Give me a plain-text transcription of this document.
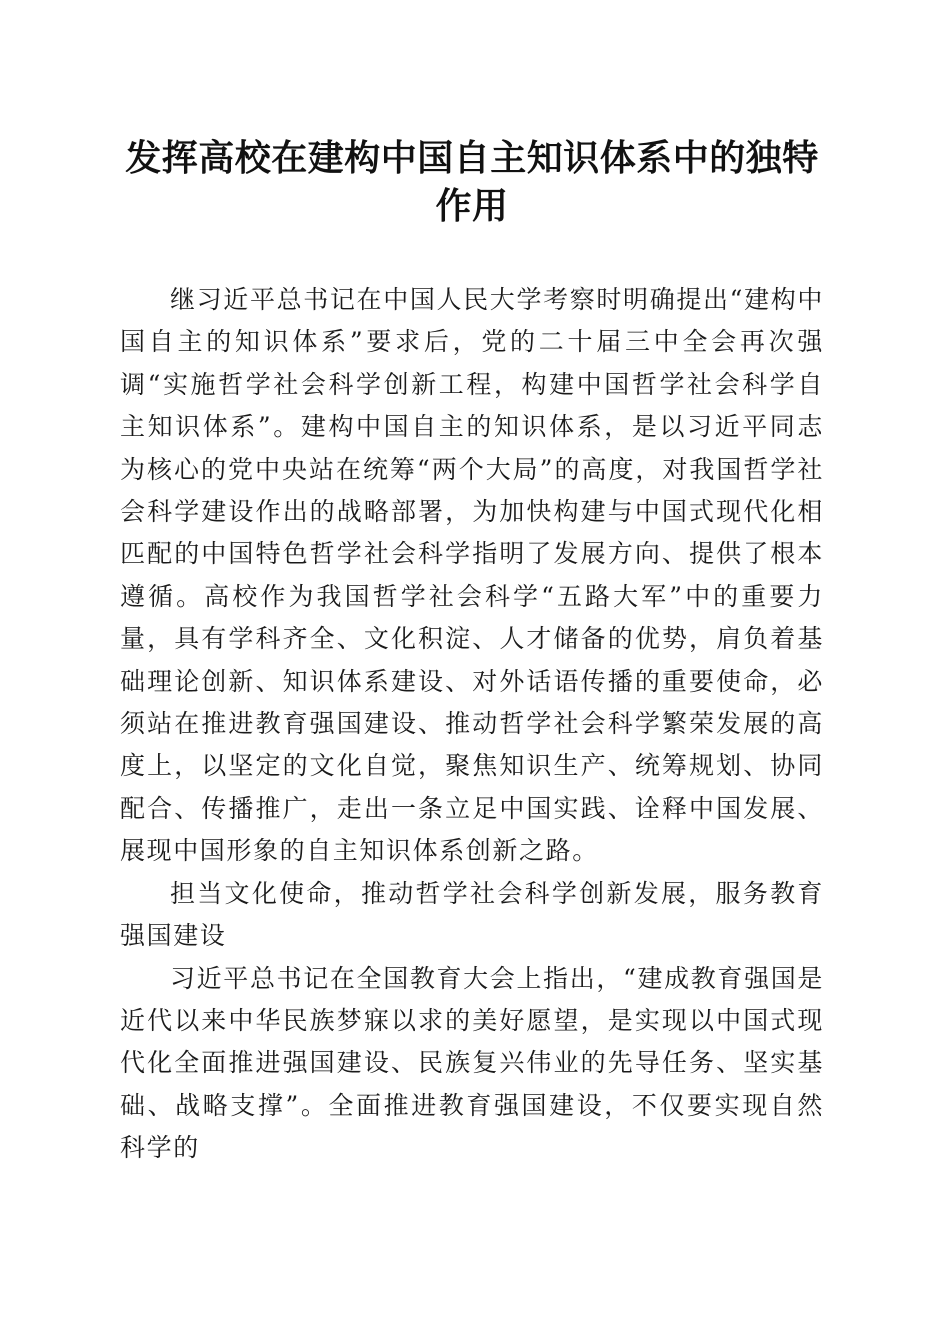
发挥高校在建构中国自主知识体系中的独特作用

继习近平总书记在中国人民大学考察时明确提出“建构中国自主的知识体系”要求后，党的二十届三中全会再次强调“实施哲学社会科学创新工程，构建中国哲学社会科学自主知识体系”。建构中国自主的知识体系，是以习近平同志为核心的党中央站在统筹“两个大局”的高度，对我国哲学社会科学建设作出的战略部署，为加快构建与中国式现代化相匹配的中国特色哲学社会科学指明了发展方向、提供了根本遵循。高校作为我国哲学社会科学“五路大军”中的重要力量，具有学科齐全、文化积淀、人才储备的优势，肩负着基础理论创新、知识体系建设、对外话语传播的重要使命，必须站在推进教育强国建设、推动哲学社会科学繁荣发展的高度上，以坚定的文化自觉，聚焦知识生产、统筹规划、协同配合、传播推广，走出一条立足中国实践、诠释中国发展、展现中国形象的自主知识体系创新之路。

担当文化使命，推动哲学社会科学创新发展，服务教育强国建设

习近平总书记在全国教育大会上指出，“建成教育强国是近代以来中华民族梦寐以求的美好愿望，是实现以中国式现代化全面推进强国建设、民族复兴伟业的先导任务、坚实基础、战略支撑”。全面推进教育强国建设，不仅要实现自然科学的
